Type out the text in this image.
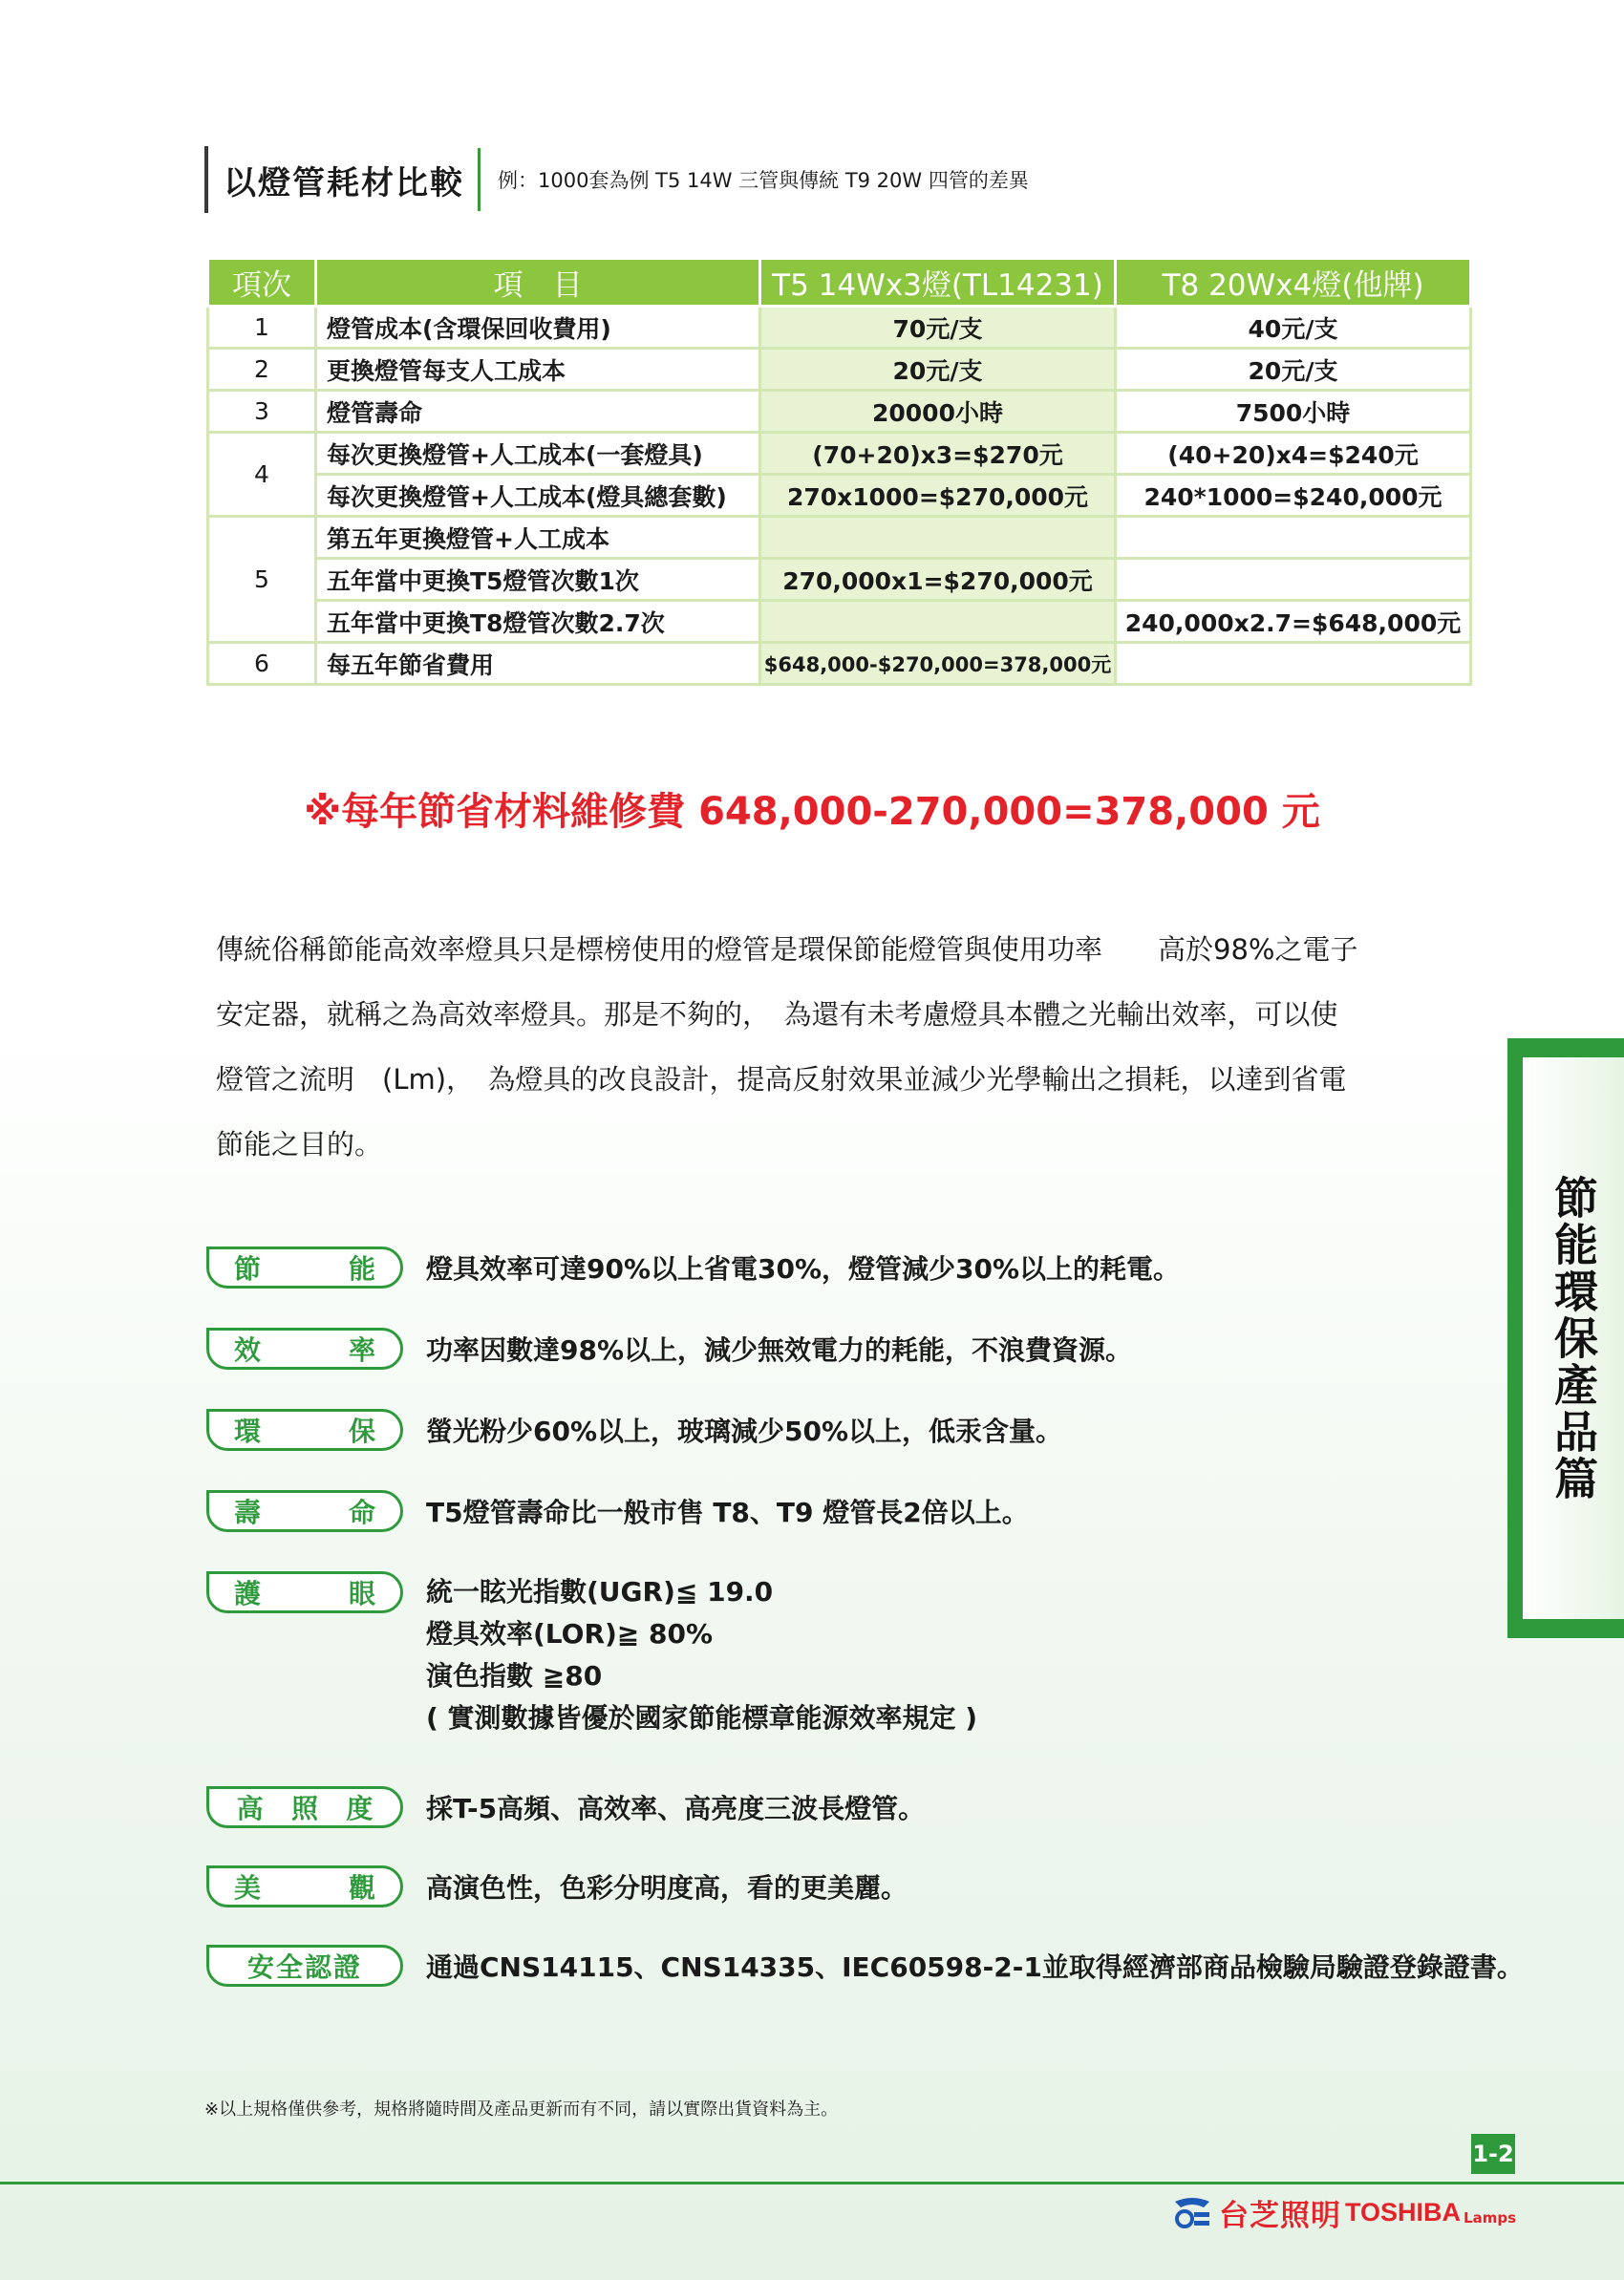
以燈管耗材比較	例：1000套為例 T5 14W 三管與傳統 T9 20W 四管的差異
項次	項　目	T5 14Wx3燈(TL14231)	T8 20Wx4燈(他牌)
1	燈管成本(含環保回收費用)	70元/支	40元/支
2	更換燈管每支人工成本	20元/支	20元/支
3	燈管壽命	20000小時	7500小時
4	每次更換燈管+人工成本(一套燈具)	(70+20)x3=$270元	(40+20)x4=$240元
	每次更換燈管+人工成本(燈具總套數)	270x1000=$270,000元	240*1000=$240,000元
5	第五年更換燈管+人工成本		
	五年當中更換T5燈管次數1次	270,000x1=$270,000元	
	五年當中更換T8燈管次數2.7次		240,000x2.7=$648,000元
6	每五年節省費用	$648,000-$270,000=378,000元	
※每年節省材料維修費 648,000-270,000=378,000 元

傳統俗稱節能高效率燈具只是標榜使用的燈管是環保節能燈管與使用功率　　高於98%之電子

安定器，就稱之為高效率燈具。那是不夠的，　為還有未考慮燈具本體之光輸出效率，可以使

燈管之流明　(Lm)，　為燈具的改良設計，提高反射效果並減少光學輸出之損耗，以達到省電

節能之目的。

節	能 燈具效率可達90%以上省電30%，燈管減少30%以上的耗電。
效	率 功率因數達98%以上，減少無效電力的耗能，不浪費資源。
環	保 螢光粉少60%以上，玻璃減少50%以上，低汞含量。
壽	命 T5燈管壽命比一般市售 T8、T9 燈管長2倍以上。
護	眼 統一眩光指數(UGR)≦ 19.0
燈具效率(LOR)≧ 80%
演色指數 ≧80
( 實測數據皆優於國家節能標章能源效率規定 )
高 照 度 採T-5高頻、高效率、高亮度三波長燈管。
美	觀 高演色性，色彩分明度高，看的更美麗。
安全認證 通過CNS14115、CNS14335、IEC60598-2-1並取得經濟部商品檢驗局驗證登錄證書。
節能環保產品篇
※以上規格僅供參考，規格將隨時間及產品更新而有不同，請以實際出貨資料為主。
1-2
台芝照明 TOSHIBA Lamps
